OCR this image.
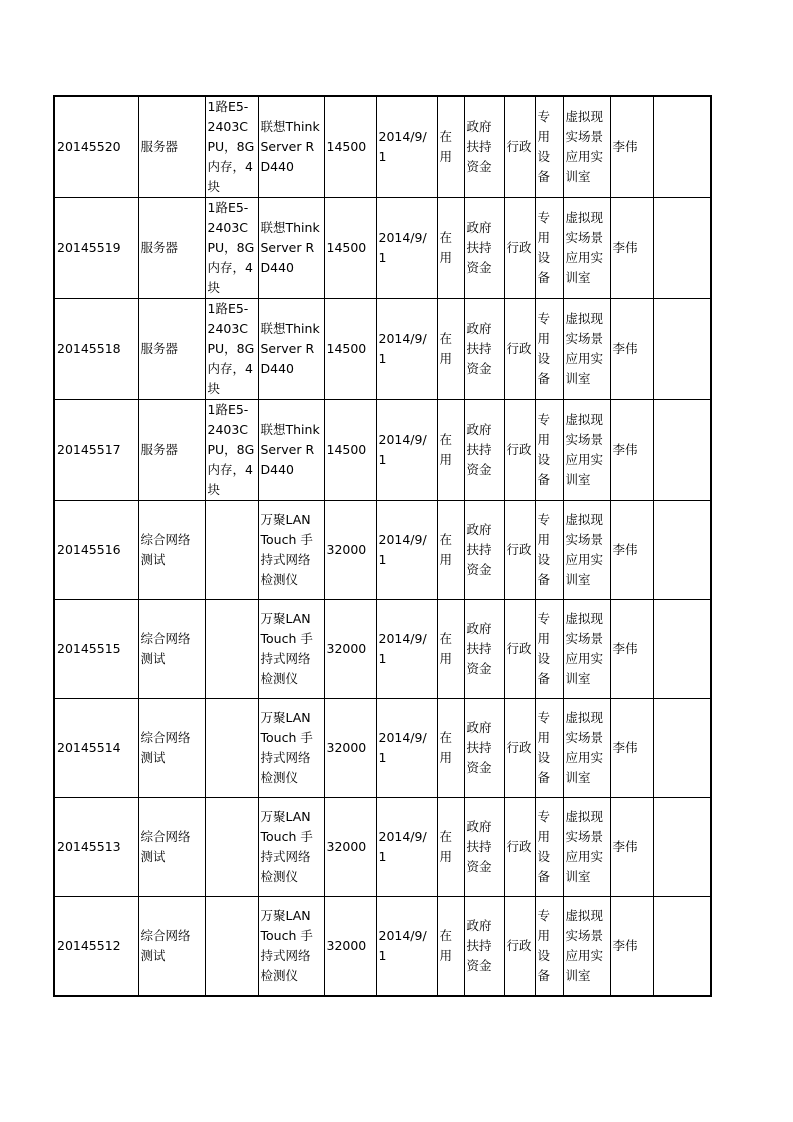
20145520	服务器	1路E5-2403CPU，8G内存，4块	联想ThinkServer RD440	14500	2014/9/1	在用	政府扶持资金	行政	专用设备	虚拟现实场景应用实训室	李伟	
20145519	服务器	1路E5-2403CPU，8G内存，4块	联想ThinkServer RD440	14500	2014/9/1	在用	政府扶持资金	行政	专用设备	虚拟现实场景应用实训室	李伟	
20145518	服务器	1路E5-2403CPU，8G内存，4块	联想ThinkServer RD440	14500	2014/9/1	在用	政府扶持资金	行政	专用设备	虚拟现实场景应用实训室	李伟	
20145517	服务器	1路E5-2403CPU，8G内存，4块	联想ThinkServer RD440	14500	2014/9/1	在用	政府扶持资金	行政	专用设备	虚拟现实场景应用实训室	李伟	
20145516	综合网络测试		万聚LAN Touch 手持式网络检测仪	32000	2014/9/1	在用	政府扶持资金	行政	专用设备	虚拟现实场景应用实训室	李伟	
20145515	综合网络测试		万聚LAN Touch 手持式网络检测仪	32000	2014/9/1	在用	政府扶持资金	行政	专用设备	虚拟现实场景应用实训室	李伟	
20145514	综合网络测试		万聚LAN Touch 手持式网络检测仪	32000	2014/9/1	在用	政府扶持资金	行政	专用设备	虚拟现实场景应用实训室	李伟	
20145513	综合网络测试		万聚LAN Touch 手持式网络检测仪	32000	2014/9/1	在用	政府扶持资金	行政	专用设备	虚拟现实场景应用实训室	李伟	
20145512	综合网络测试		万聚LAN Touch 手持式网络检测仪	32000	2014/9/1	在用	政府扶持资金	行政	专用设备	虚拟现实场景应用实训室	李伟	
